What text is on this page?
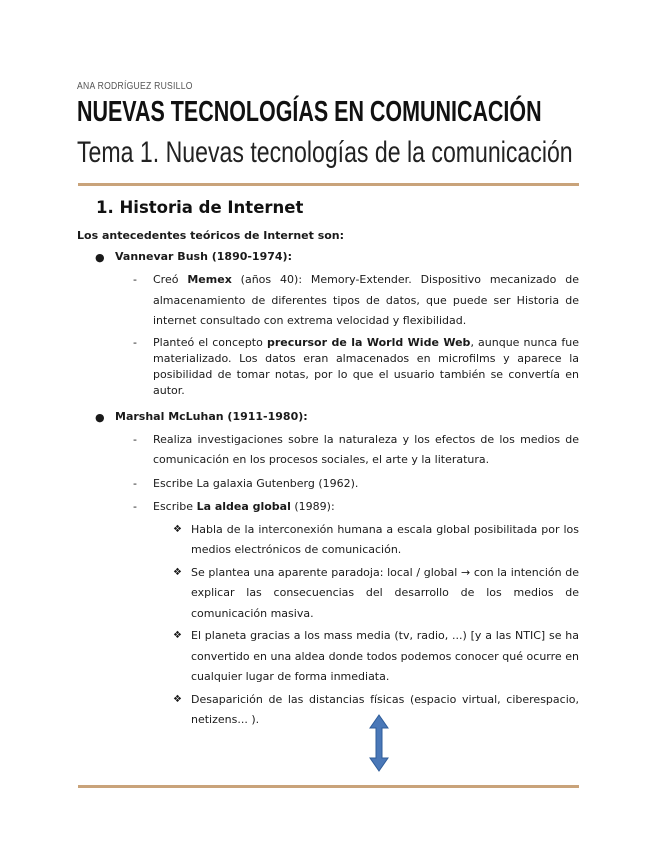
ANA RODRÍGUEZ RUSILLO
NUEVAS TECNOLOGÍAS EN COMUNICACIÓN
Tema 1. Nuevas tecnologías de la comunicación
1. Historia de Internet
Los antecedentes teóricos de Internet son:
● Vannevar Bush (1890-1974):
- Creó Memex (años 40): Memory-Extender. Dispositivo mecanizado de almacenamiento de diferentes tipos de datos, que puede ser Historia de internet consultado con extrema velocidad y flexibilidad.
- Planteó el concepto precursor de la World Wide Web, aunque nunca fue materializado. Los datos eran almacenados en microfilms y aparece la posibilidad de tomar notas, por lo que el usuario también se convertía en autor.
● Marshal McLuhan (1911-1980):
- Realiza investigaciones sobre la naturaleza y los efectos de los medios de comunicación en los procesos sociales, el arte y la literatura.
- Escribe La galaxia Gutenberg (1962).
- Escribe La aldea global (1989):
❖ Habla de la interconexión humana a escala global posibilitada por los medios electrónicos de comunicación.
❖ Se plantea una aparente paradoja: local / global → con la intención de explicar las consecuencias del desarrollo de los medios de comunicación masiva.
❖ El planeta gracias a los mass media (tv, radio, ...) [y a las NTIC] se ha convertido en una aldea donde todos podemos conocer qué ocurre en cualquier lugar de forma inmediata.
❖ Desaparición de las distancias físicas (espacio virtual, ciberespacio, netizens... ).
